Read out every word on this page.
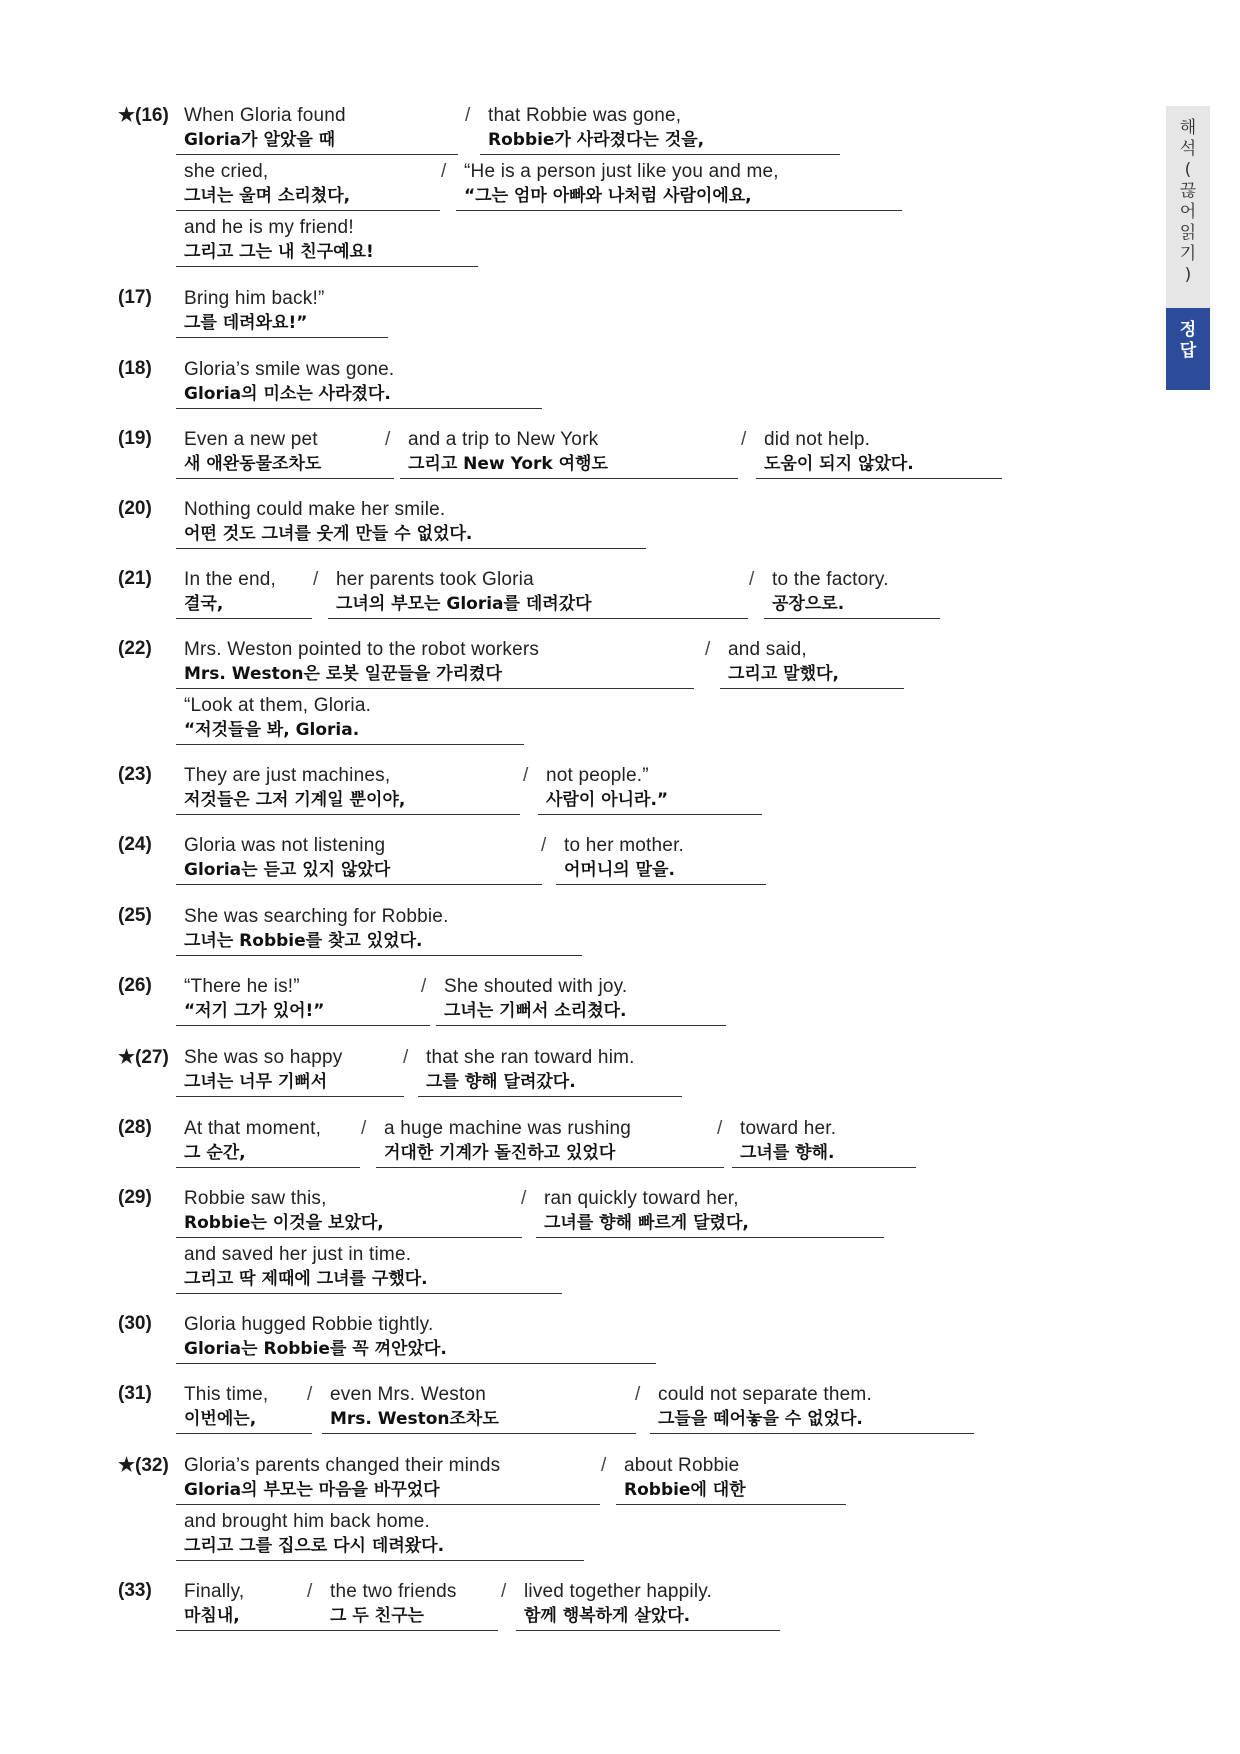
해
석
(
끊
어
읽
기
)
정
답
★(16) When Gloria found
Gloria가 알았을 때
/ that Robbie was gone,
Robbie가 사라졌다는 것을,
she cried,
그녀는 울며 소리쳤다,
/ “He is a person just like you and me,
“그는 엄마 아빠와 나처럼 사람이에요,
and he is my friend!
그리고 그는 내 친구예요!
(17)	Bring him back!”
그를 데려와요!”
(18)	Gloria’s smile was gone.
Gloria의 미소는 사라졌다.
(19)	Even a new pet
새 애완동물조차도
/ and a trip to New York
그리고 New York 여행도
/ did not help.
도움이 되지 않았다.
(20)	Nothing could make her smile.
어떤 것도 그녀를 웃게 만들 수 없었다.
(21)	In the end,
결국,
/ her parents took Gloria
그녀의 부모는 Gloria를 데려갔다
/ to the factory.
공장으로.
(22)	Mrs. Weston pointed to the robot workers
Mrs. Weston은 로봇 일꾼들을 가리켰다
/ and said,
그리고 말했다,
“Look at them, Gloria.
“저것들을 봐, Gloria.
(23)	They are just machines,
저것들은 그저 기계일 뿐이야,
/ not people.”
사람이 아니라.”
(24)	Gloria was not listening
Gloria는 듣고 있지 않았다
/ to her mother.
어머니의 말을.
(25)	She was searching for Robbie.
그녀는 Robbie를 찾고 있었다.
(26)	“There he is!”
“저기 그가 있어!”
/ She shouted with joy.
그녀는 기뻐서 소리쳤다.
★(27) She was so happy
그녀는 너무 기뻐서
/ that she ran toward him.
그를 향해 달려갔다.
(28)	At that moment,
그 순간,
/ a huge machine was rushing
거대한 기계가 돌진하고 있었다
/ toward her.
그녀를 향해.
(29)	Robbie saw this,
Robbie는 이것을 보았다,
/ ran quickly toward her,
그녀를 향해 빠르게 달렸다,
and saved her just in time.
그리고 딱 제때에 그녀를 구했다.
(30)	Gloria hugged Robbie tightly.
Gloria는 Robbie를 꼭 껴안았다.
(31)	This time,
이번에는,
/ even Mrs. Weston
Mrs. Weston조차도
/ could not separate them.
그들을 떼어놓을 수 없었다.
★(32) Gloria’s parents changed their minds
Gloria의 부모는 마음을 바꾸었다
/ about Robbie
Robbie에 대한
and brought him back home.
그리고 그를 집으로 다시 데려왔다.
(33)	Finally,
마침내,
/ the two friends
그 두 친구는
/ lived together happily.
함께 행복하게 살았다.
